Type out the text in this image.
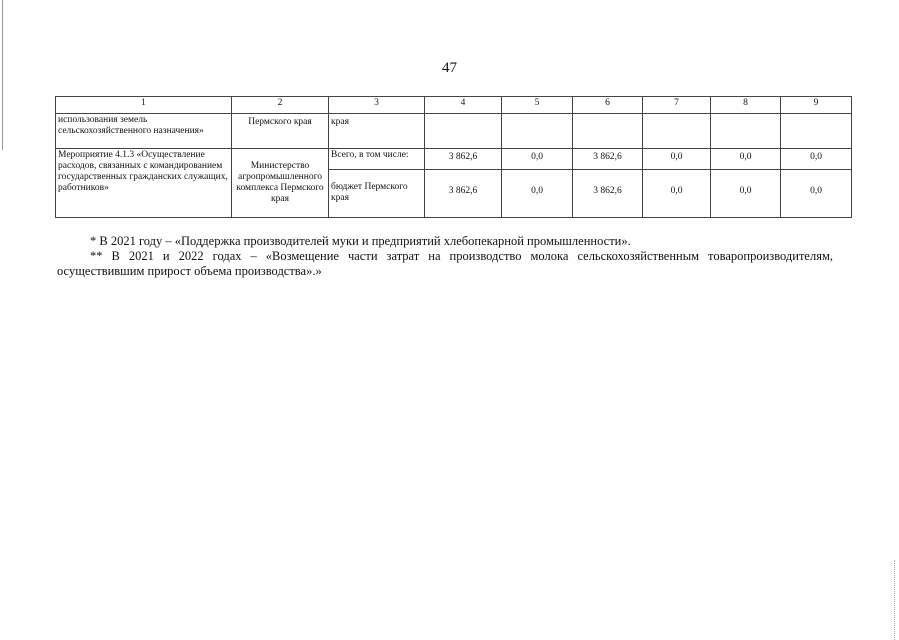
47
1	2	3	4	5	6	7	8	9
использования земель сельскохозяйственного назначения»	Пермского края	края						
Мероприятие 4.1.3 «Осуществление расходов, связанных с командированием государственных гражданских служащих, работников»	Министерство агропромышленного комплекса Пермского края	Всего, в том числе:	3 862,6	0,0	3 862,6	0,0	0,0	0,0
		бюджет Пермского края	3 862,6	0,0	3 862,6	0,0	0,0	0,0

* В 2021 году – «Поддержка производителей муки и предприятий хлебопекарной промышленности».

** В 2021 и 2022 годах – «Возмещение части затрат на производство молока сельскохозяйственным товаропроизводителям, осуществившим прирост объема производства».»
